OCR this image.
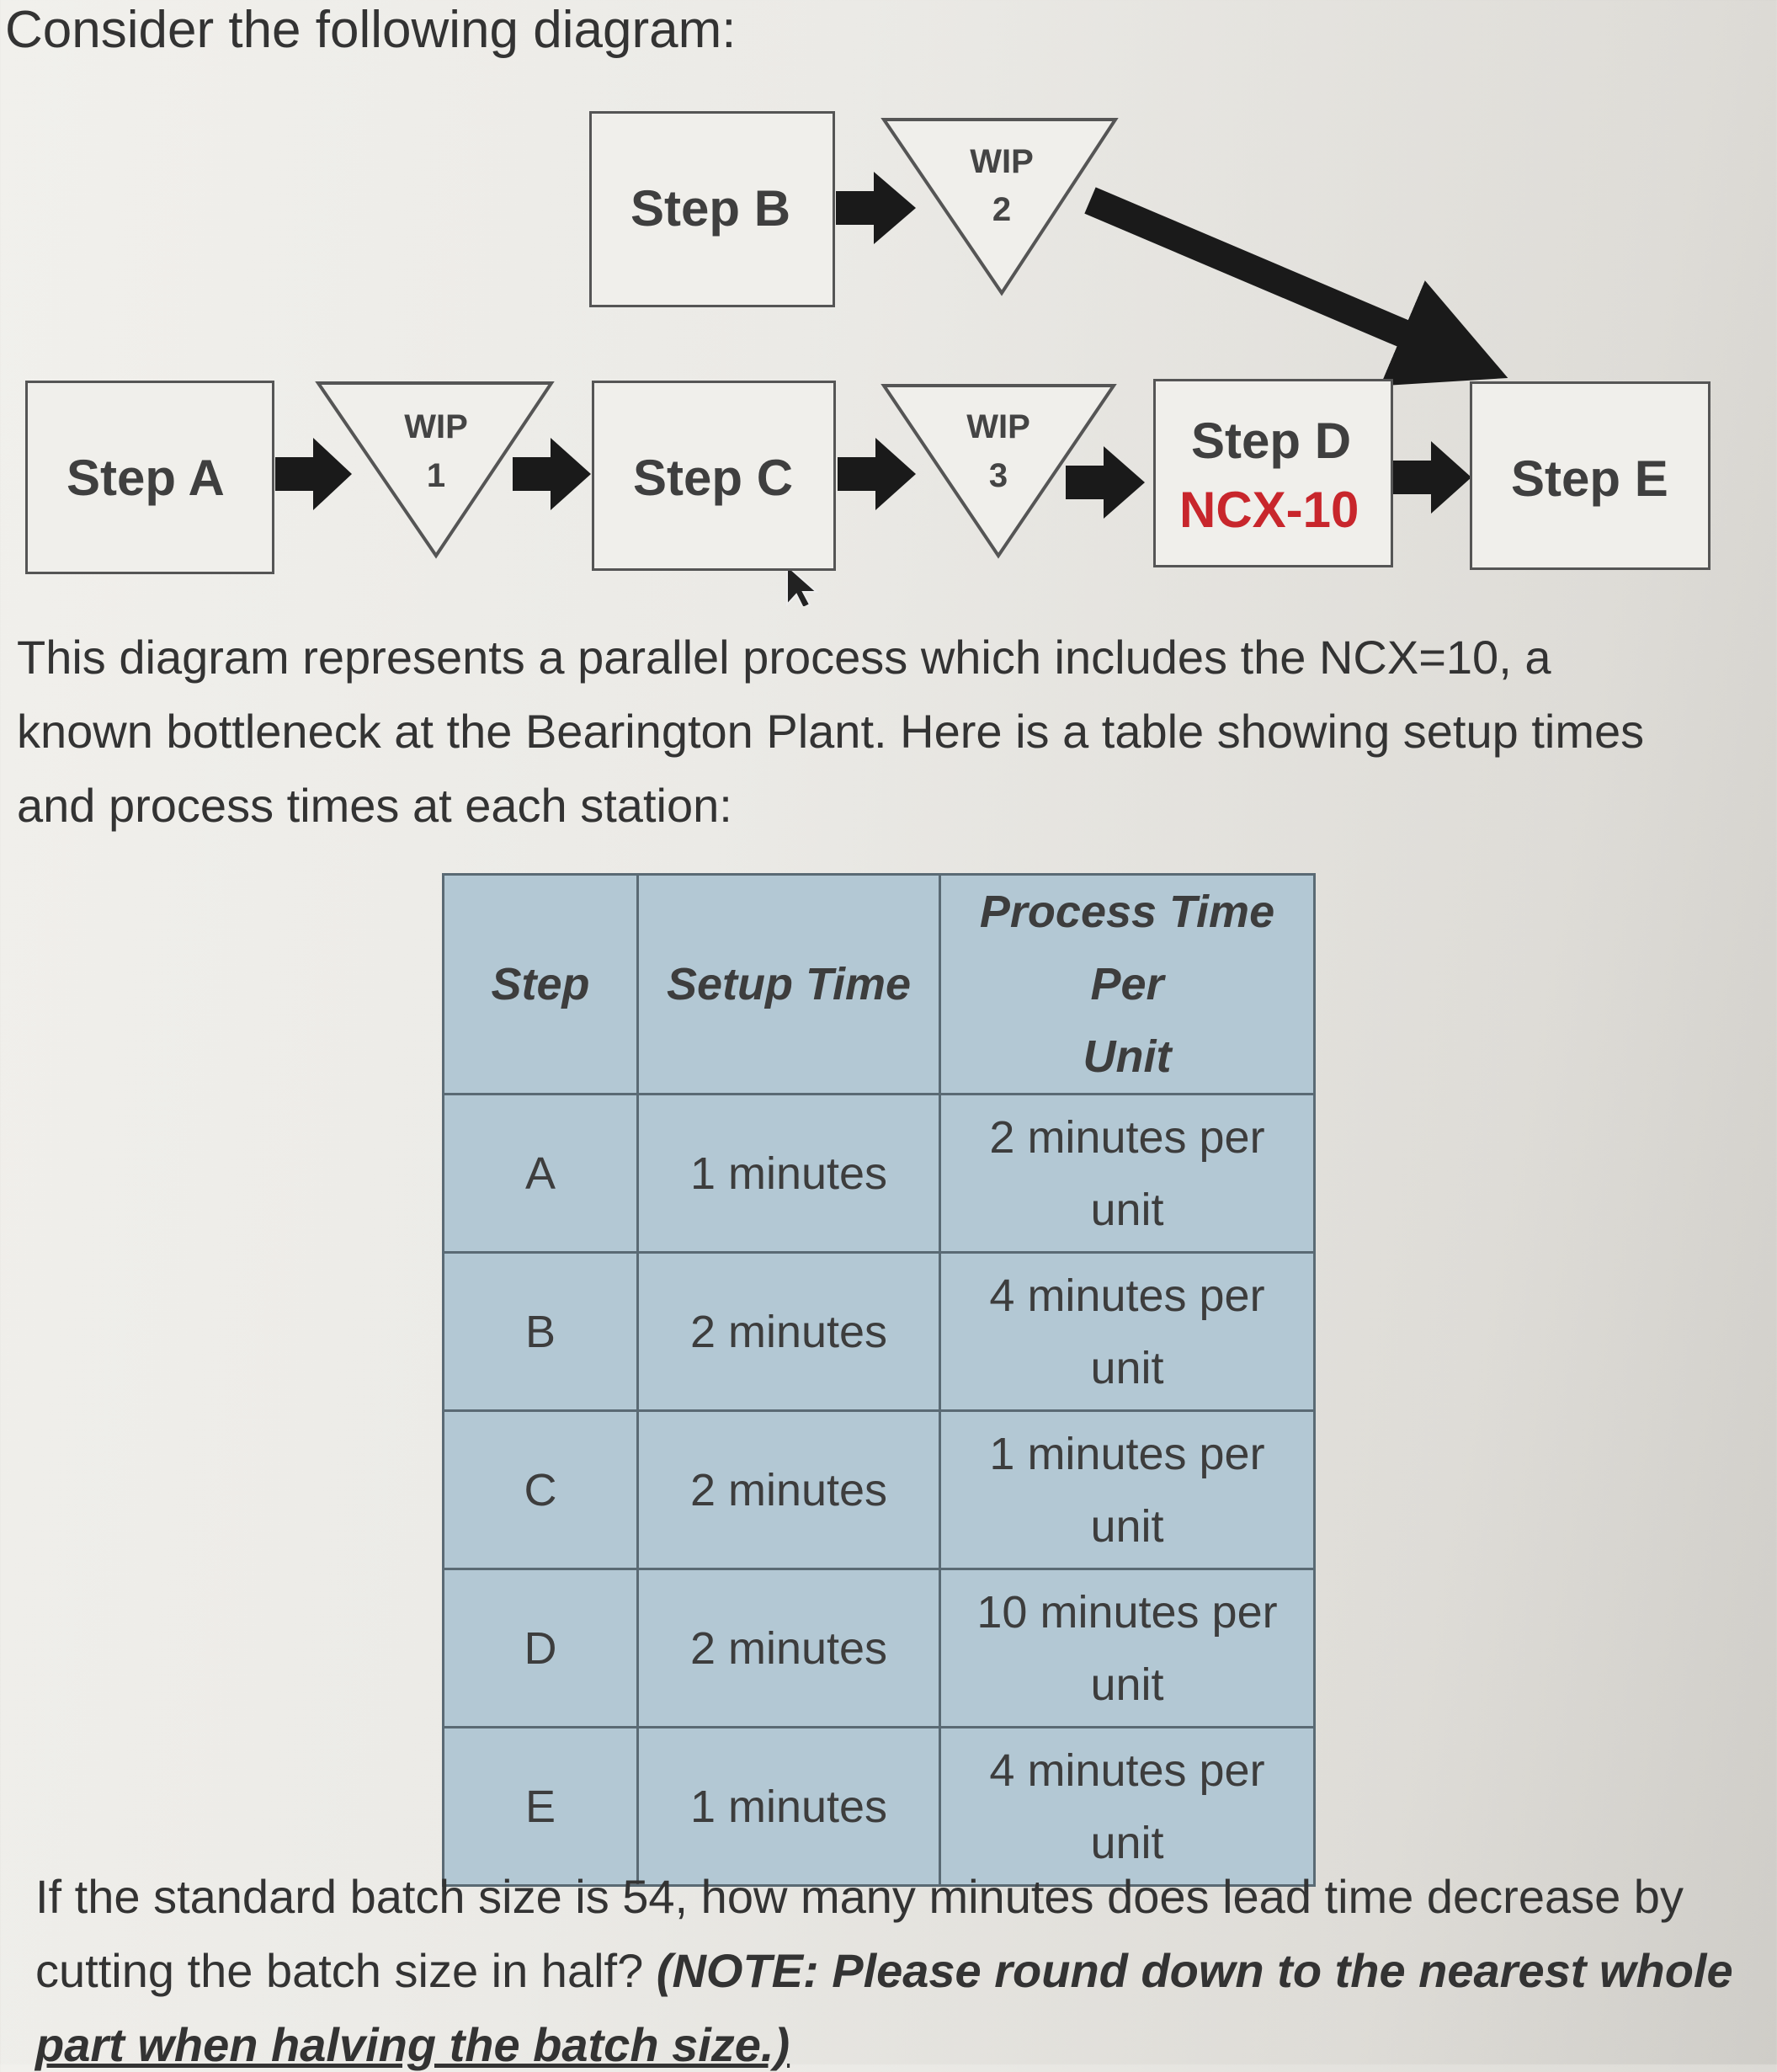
Consider the following diagram:
WIP
1
WIP
2
WIP
3
Step A
Step B
Step C
Step D
NCX-10
Step E
This diagram represents a parallel process which includes the NCX=10, a
known bottleneck at the Bearington Plant. Here is a table showing setup times
and process times at each station:
Step	Setup Time	Process Time Per
Unit

A	1 minutes	2 minutes per
unit

B	2 minutes	4 minutes per
unit

C	2 minutes	1 minutes per
unit

D	2 minutes	10 minutes per
unit

E	1 minutes	4 minutes per
unit
If the standard batch size is 54, how many minutes does lead time decrease by
cutting the batch size in half? (NOTE: Please round down to the nearest whole
part when halving the batch size.)
